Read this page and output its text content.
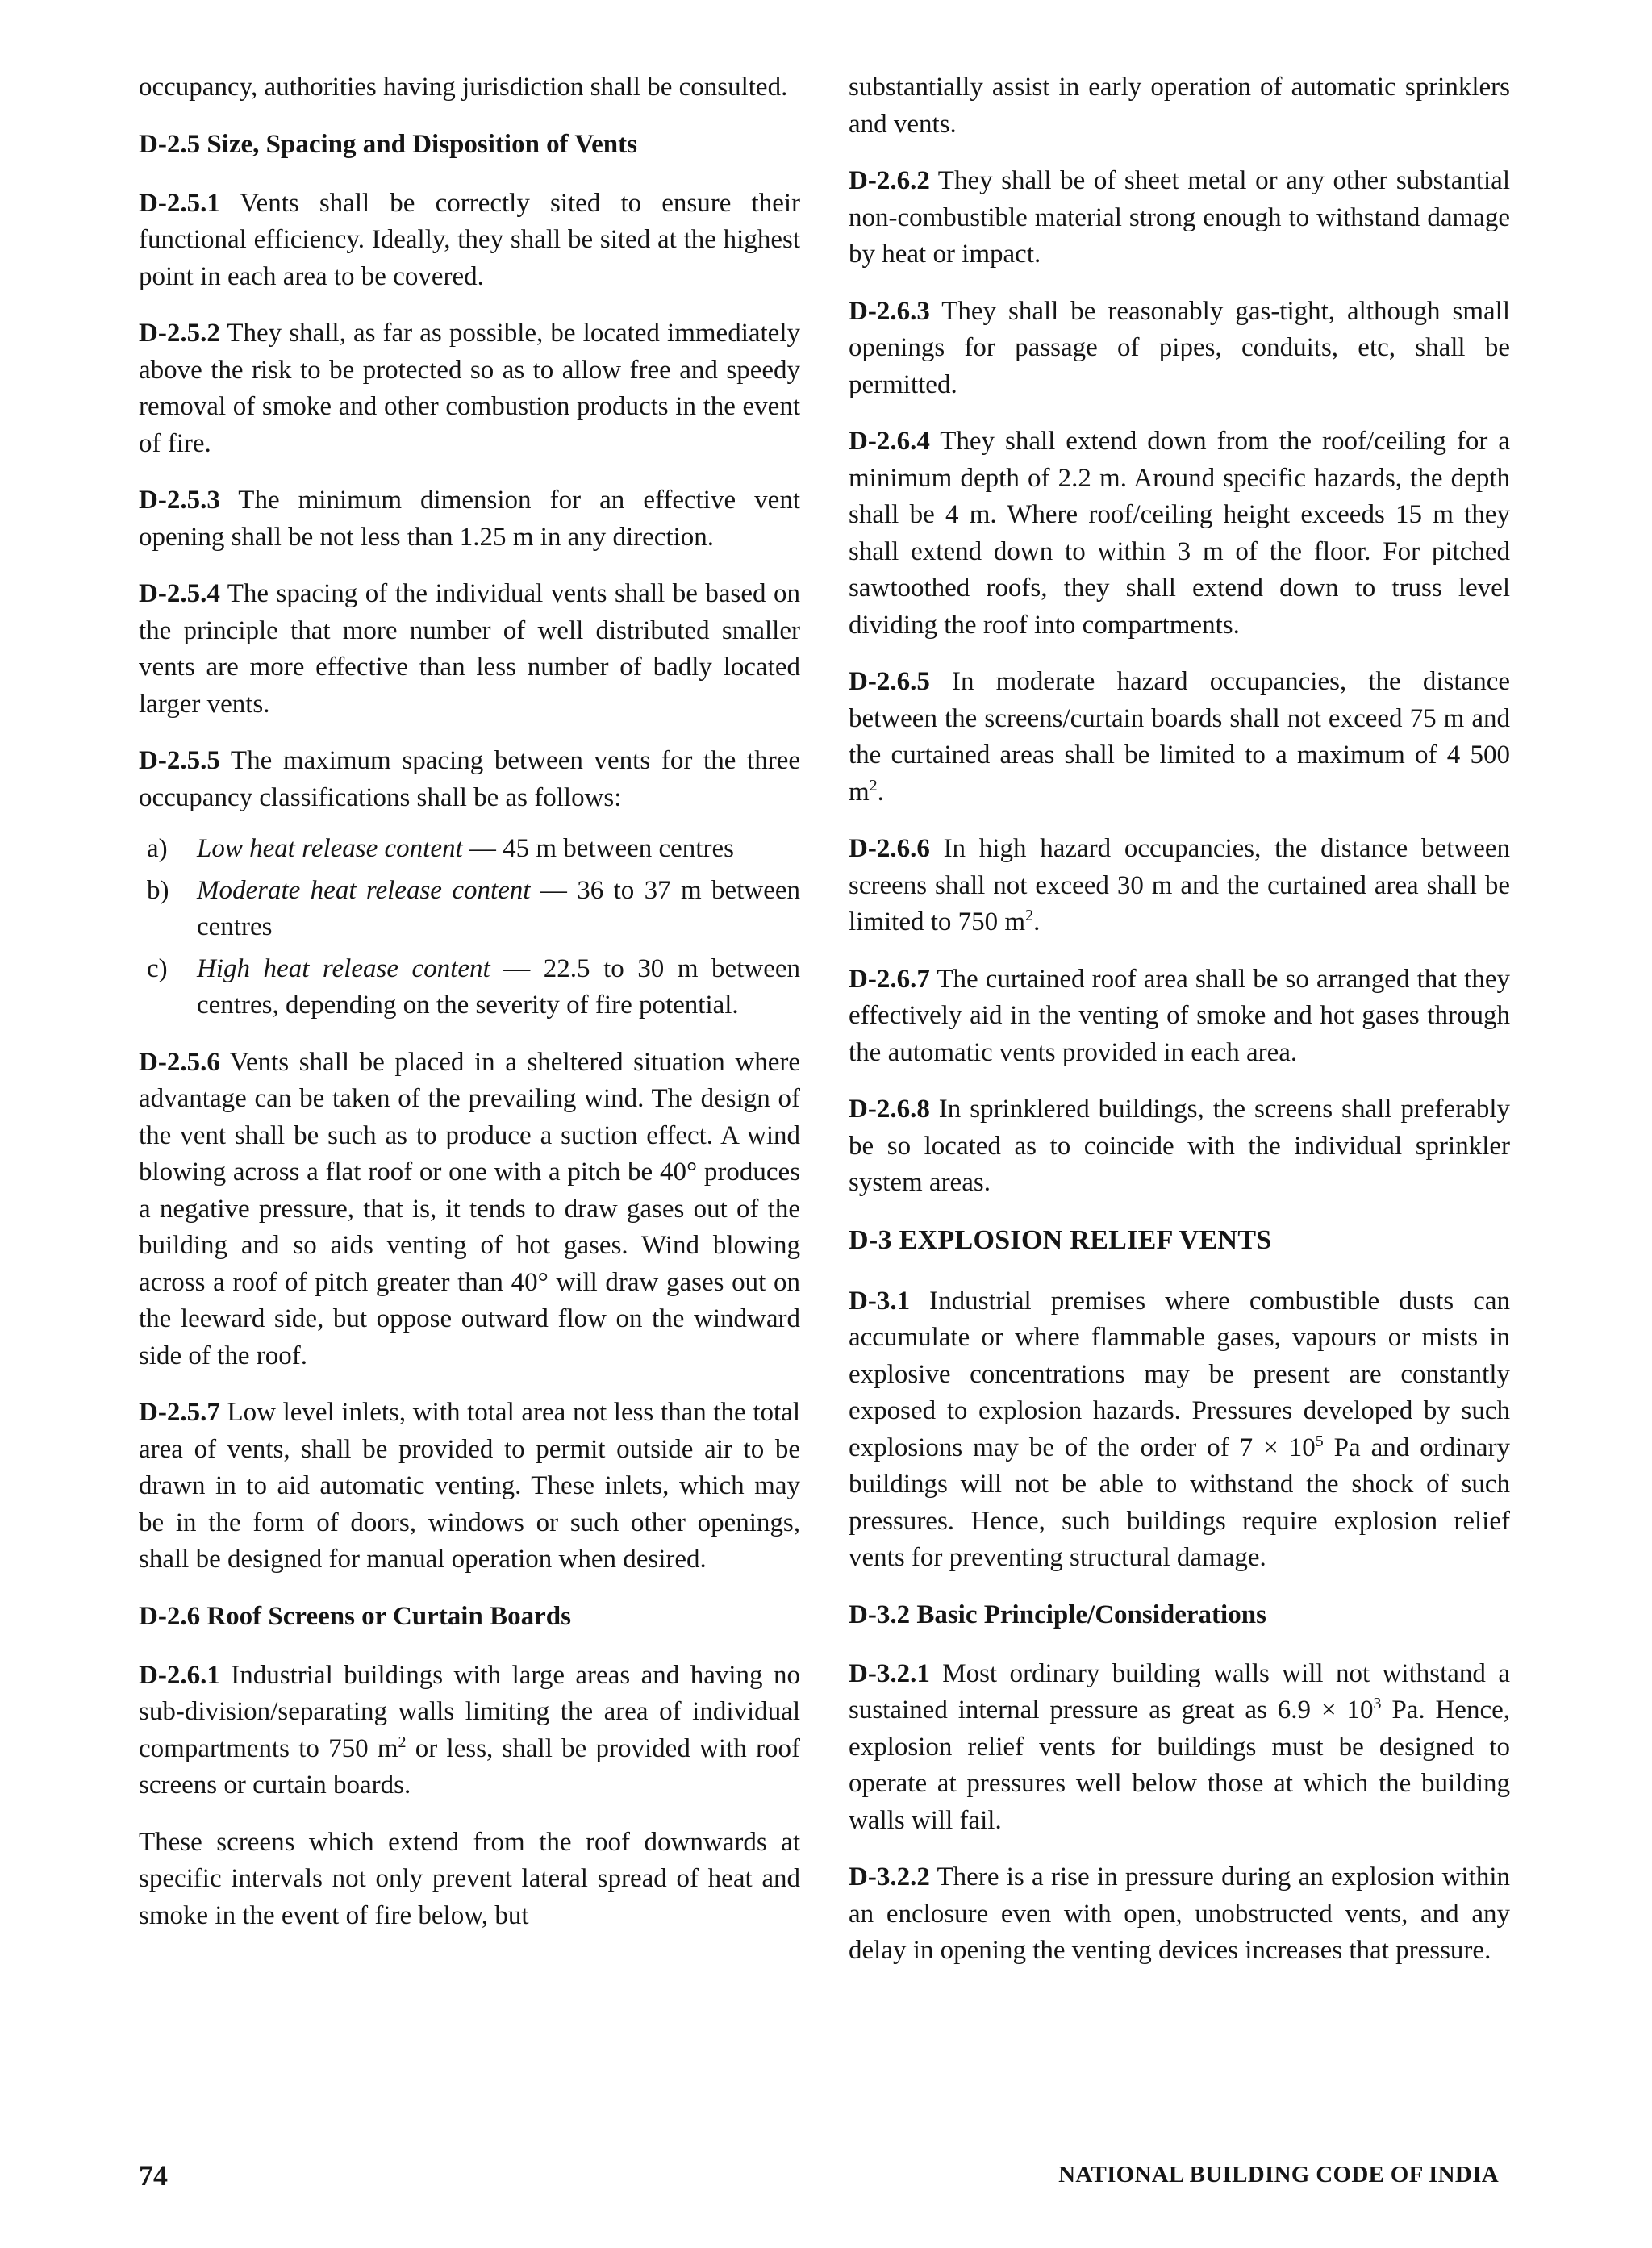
occupancy, authorities having jurisdiction shall be consulted.

D-2.5 Size, Spacing and Disposition of Vents

D-2.5.1 Vents shall be correctly sited to ensure their functional efficiency. Ideally, they shall be sited at the highest point in each area to be covered.

D-2.5.2 They shall, as far as possible, be located immediately above the risk to be protected so as to allow free and speedy removal of smoke and other combustion products in the event of fire.

D-2.5.3 The minimum dimension for an effective vent opening shall be not less than 1.25 m in any direction.

D-2.5.4 The spacing of the individual vents shall be based on the principle that more number of well distributed smaller vents are more effective than less number of badly located larger vents.

D-2.5.5 The maximum spacing between vents for the three occupancy classifications shall be as follows:

a)	Low heat release content — 45 m between centres
b)	Moderate heat release content — 36 to 37 m between centres
c)	High heat release content — 22.5 to 30 m between centres, depending on the severity of fire potential.

D-2.5.6 Vents shall be placed in a sheltered situation where advantage can be taken of the prevailing wind. The design of the vent shall be such as to produce a suction effect. A wind blowing across a flat roof or one with a pitch be 40° produces a negative pressure, that is, it tends to draw gases out of the building and so aids venting of hot gases. Wind blowing across a roof of pitch greater than 40° will draw gases out on the leeward side, but oppose outward flow on the windward side of the roof.

D-2.5.7 Low level inlets, with total area not less than the total area of vents, shall be provided to permit outside air to be drawn in to aid automatic venting. These inlets, which may be in the form of doors, windows or such other openings, shall be designed for manual operation when desired.

D-2.6 Roof Screens or Curtain Boards

D-2.6.1 Industrial buildings with large areas and having no sub-division/separating walls limiting the area of individual compartments to 750 $m^2$ or less, shall be provided with roof screens or curtain boards.

These screens which extend from the roof downwards at specific intervals not only prevent lateral spread of heat and smoke in the event of fire below, but

substantially assist in early operation of automatic sprinklers and vents.

D-2.6.2 They shall be of sheet metal or any other substantial non-combustible material strong enough to withstand damage by heat or impact.

D-2.6.3 They shall be reasonably gas-tight, although small openings for passage of pipes, conduits, etc, shall be permitted.

D-2.6.4 They shall extend down from the roof/ceiling for a minimum depth of 2.2 m. Around specific hazards, the depth shall be 4 m. Where roof/ceiling height exceeds 15 m they shall extend down to within 3 m of the floor. For pitched sawtoothed roofs, they shall extend down to truss level dividing the roof into compartments.

D-2.6.5 In moderate hazard occupancies, the distance between the screens/curtain boards shall not exceed 75 m and the curtained areas shall be limited to a maximum of 4 500 $m^2$.

D-2.6.6 In high hazard occupancies, the distance between screens shall not exceed 30 m and the curtained area shall be limited to 750 $m^2$.

D-2.6.7 The curtained roof area shall be so arranged that they effectively aid in the venting of smoke and hot gases through the automatic vents provided in each area.

D-2.6.8 In sprinklered buildings, the screens shall preferably be so located as to coincide with the individual sprinkler system areas.

D-3 EXPLOSION RELIEF VENTS

D-3.1 Industrial premises where combustible dusts can accumulate or where flammable gases, vapours or mists in explosive concentrations may be present are constantly exposed to explosion hazards. Pressures developed by such explosions may be of the order of $7 \times 10^5$ Pa and ordinary buildings will not be able to withstand the shock of such pressures. Hence, such buildings require explosion relief vents for preventing structural damage.

D-3.2 Basic Principle/Considerations

D-3.2.1 Most ordinary building walls will not withstand a sustained internal pressure as great as $6.9 \times 10^3$ Pa. Hence, explosion relief vents for buildings must be designed to operate at pressures well below those at which the building walls will fail.

D-3.2.2 There is a rise in pressure during an explosion within an enclosure even with open, unobstructed vents, and any delay in opening the venting devices increases that pressure.

74	NATIONAL BUILDING CODE OF INDIA
